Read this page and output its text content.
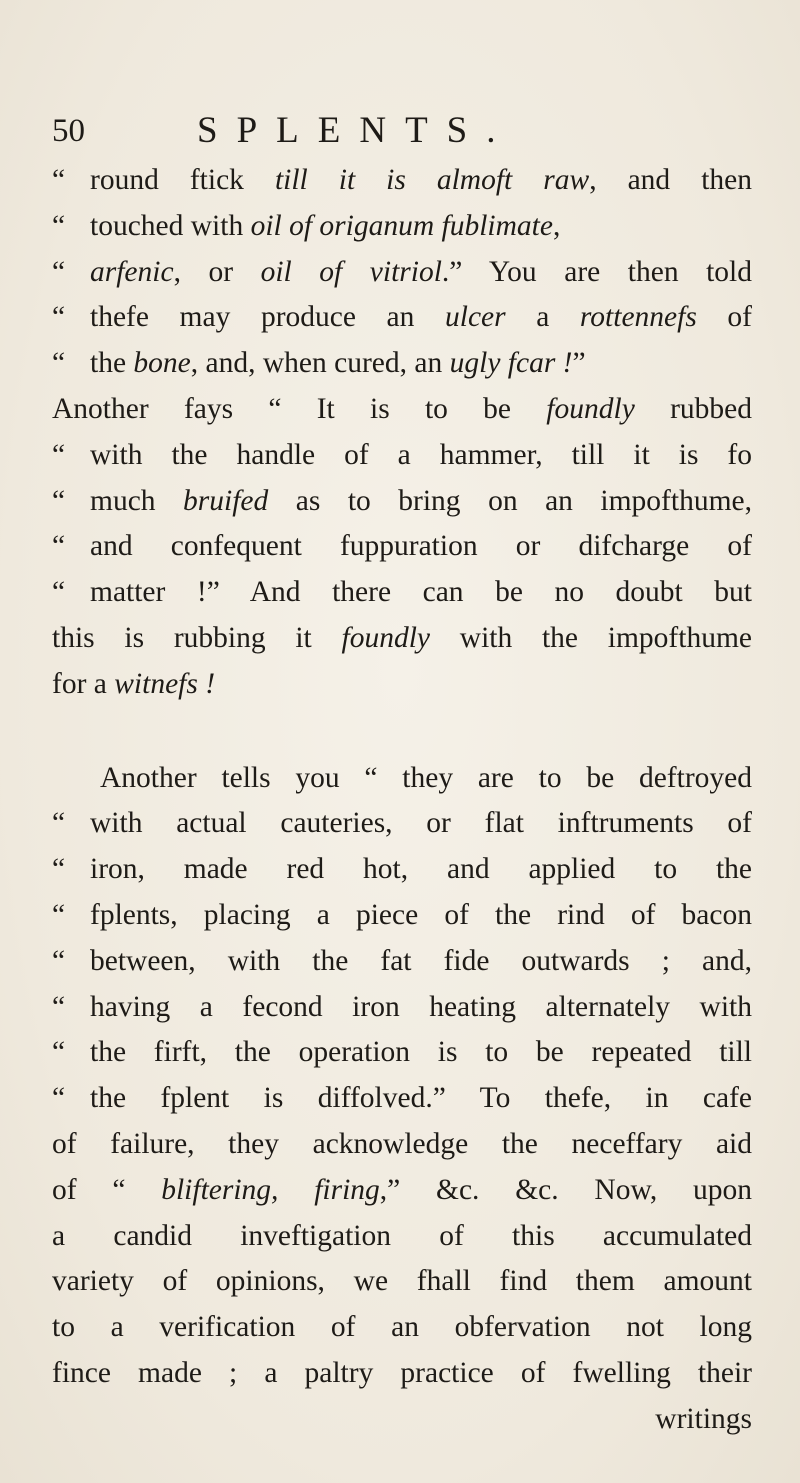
50	SPLENTS.
“ round ftick till it is almoft raw, and then
“ touched with oil of origanum fublimate,
“ arfenic, or oil of vitriol.” You are then told
“ thefe may produce an ulcer a rottennefs of
“ the bone, and, when cured, an ugly fcar !”
Another fays “ It is to be foundly rubbed
“ with the handle of a hammer, till it is fo
“ much bruifed as to bring on an impofthume,
“ and confequent fuppuration or difcharge of
“ matter !” And there can be no doubt but
this is rubbing it foundly with the impofthume
for a witnefs !
Another tells you “ they are to be deftroyed
“ with actual cauteries, or flat inftruments of
“ iron, made red hot, and applied to the
“ fplents, placing a piece of the rind of bacon
“ between, with the fat fide outwards ; and,
“ having a fecond iron heating alternately with
“ the firft, the operation is to be repeated till
“ the fplent is diffolved.” To thefe, in cafe
of failure, they acknowledge the neceffary aid
of “ bliftering, firing,” &c. &c. Now, upon
a candid inveftigation of this accumulated
variety of opinions, we fhall find them amount
to a verification of an obfervation not long
fince made ; a paltry practice of fwelling their
writings
